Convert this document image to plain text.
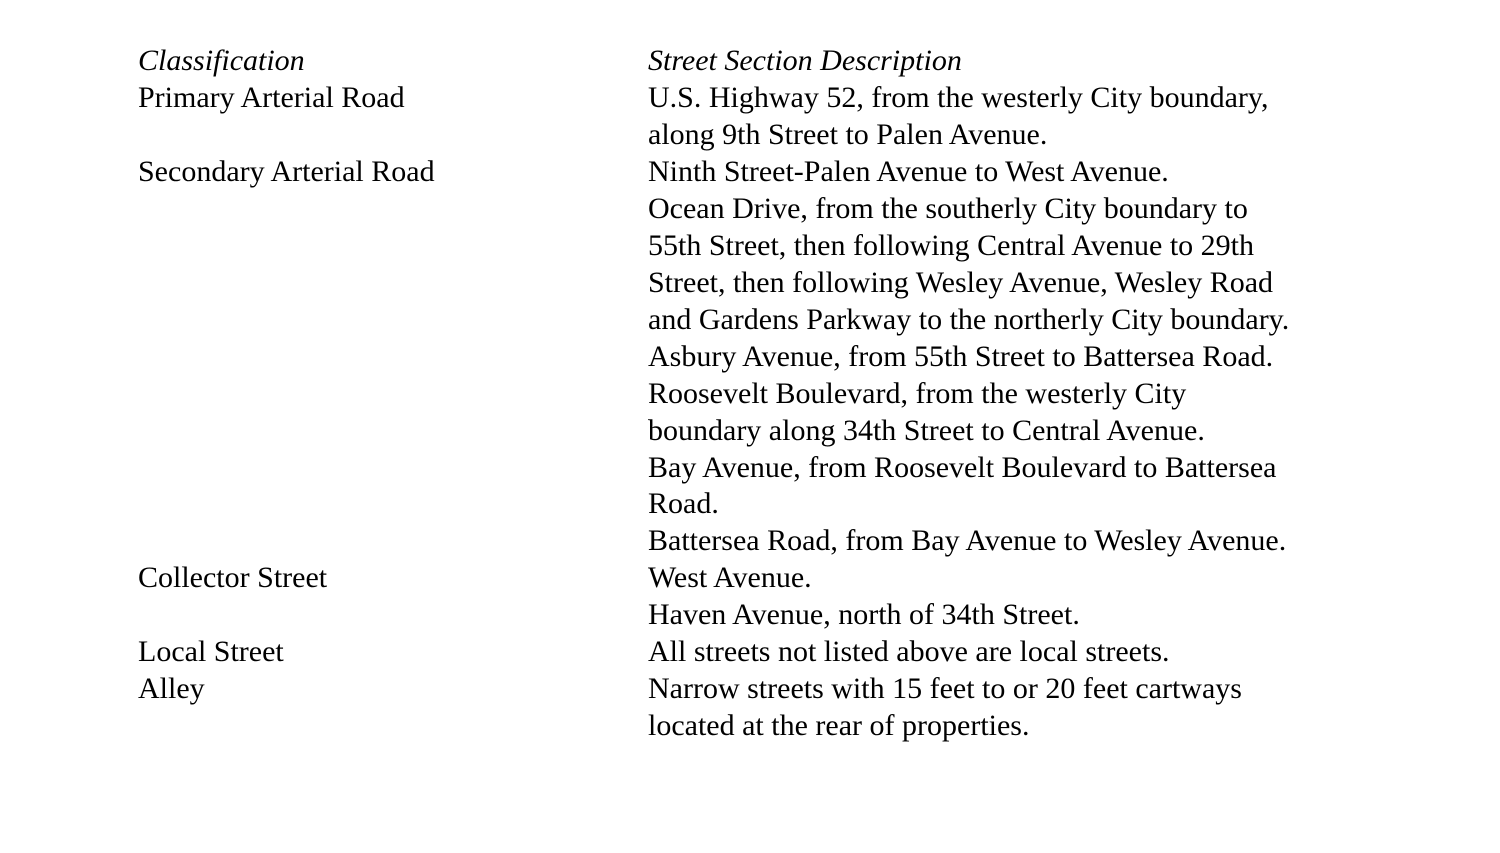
Classification	Street Section Description
Primary Arterial Road	U.S. Highway 52, from the westerly City boundary,
along 9th Street to Palen Avenue.
Secondary Arterial Road	Ninth Street-Palen Avenue to West Avenue.
Ocean Drive, from the southerly City boundary to
55th Street, then following Central Avenue to 29th
Street, then following Wesley Avenue, Wesley Road
and Gardens Parkway to the northerly City boundary.
Asbury Avenue, from 55th Street to Battersea Road.
Roosevelt Boulevard, from the westerly City
boundary along 34th Street to Central Avenue.
Bay Avenue, from Roosevelt Boulevard to Battersea
Road.
Battersea Road, from Bay Avenue to Wesley Avenue.
Collector Street	West Avenue.
Haven Avenue, north of 34th Street.
Local Street	All streets not listed above are local streets.
Alley	Narrow streets with 15 feet to or 20 feet cartways
located at the rear of properties.
